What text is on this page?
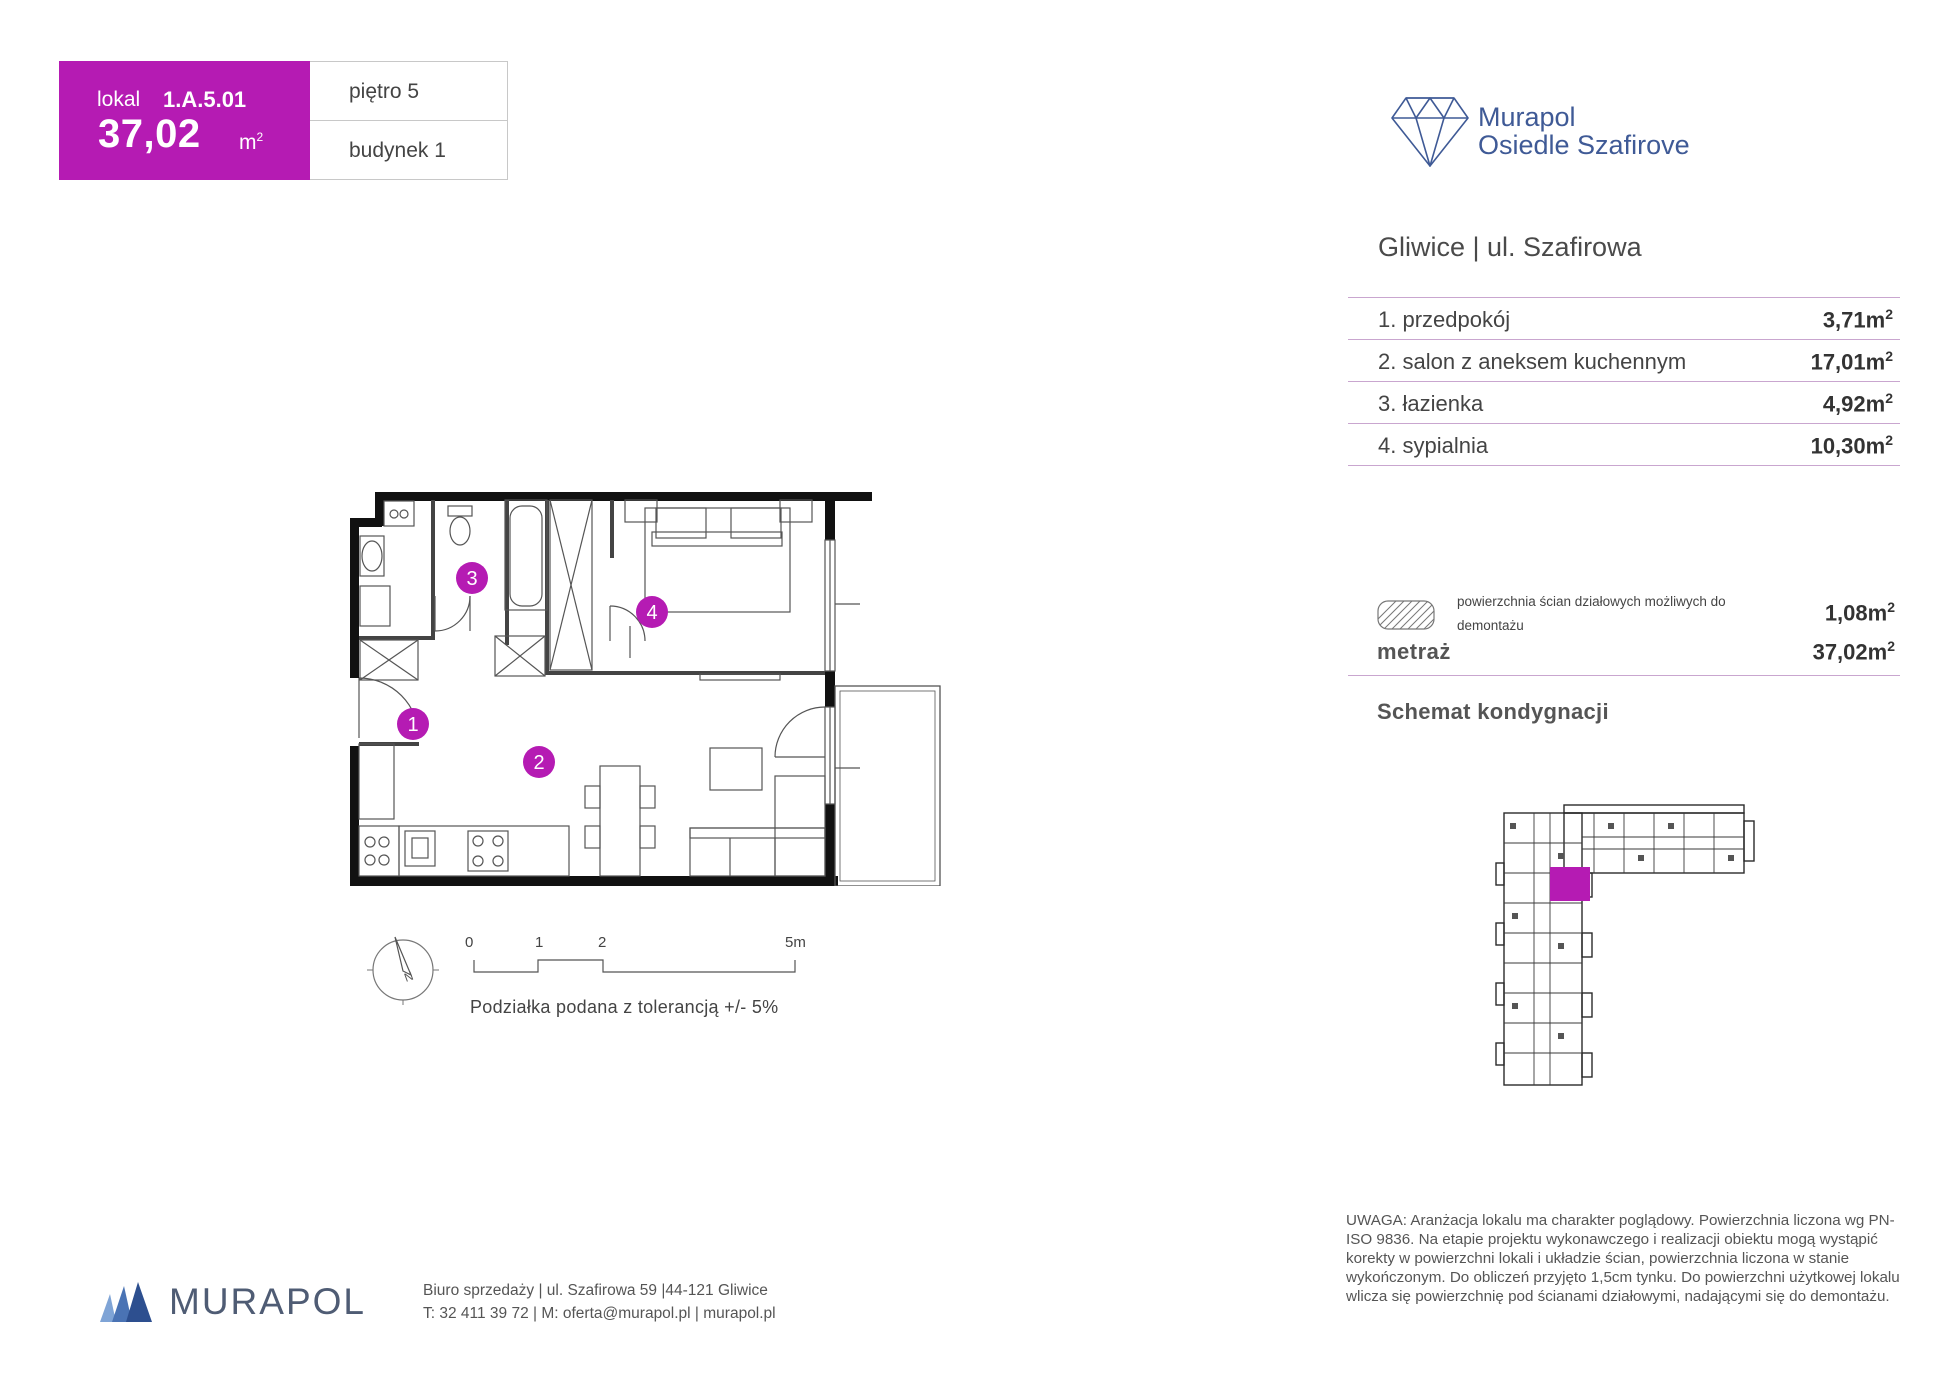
lokal 1.A.5.01
37,02 $m^2$
piętro 5
budynek 1
Murapol
Osiedle Szafirove
Gliwice | ul. Szafirowa
1. przedpokój	$3,71m^2$
2. salon z aneksem kuchennym	$17,01m^2$
3. łazienka	$4,92m^2$
4. sypialnia	$10,30m^2$
powierzchnia ścian działowych możliwych do demontażu
$1,08m^2$
metraż	$37,02m^2$
Schemat kondygnacji
1
2
3
4
N
0	1	2	5m
Podziałka podana z tolerancją +/- 5%
MURAPOL	Biuro sprzedaży | ul. Szafirowa 59 |44-121 Gliwice
T: 32 411 39 72 | M: oferta@murapol.pl | murapol.pl
UWAGA: Aranżacja lokalu ma charakter poglądowy. Powierzchnia liczona wg PN-ISO 9836. Na etapie projektu wykonawczego i realizacji obiektu mogą wystąpić korekty w powierzchni lokali i układzie ścian, powierzchnia liczona w stanie wykończonym. Do obliczeń przyjęto 1,5cm tynku. Do powierzchni użytkowej lokalu wlicza się powierzchnię pod ścianami działowymi, nadającymi się do demontażu.
